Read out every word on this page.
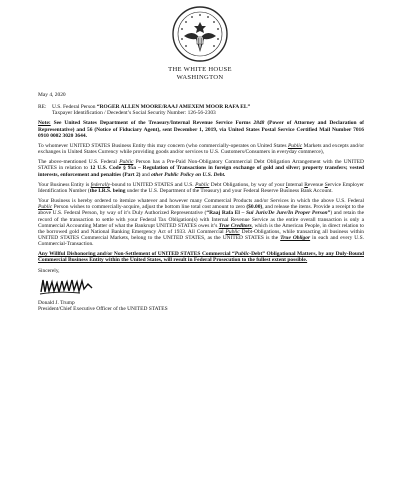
THE WHITE HOUSE
WASHINGTON

May 4, 2020

RE: U.S. Federal Person “ROGER ALLEN MOORE/RAAJ AMEXEM MOOR RAFA EL”
Taxpayer Identification / Decedent’s Social Security Number: 126-56-2303

Note: See United States Department of the Treasury/Internal Revenue Service Forms 2848 (Power of Attorney and Declaration of Representative) and 56 (Notice of Fiduciary Agent), sent December 1, 2019, via United States Postal Service Certified Mail Number 7016 0910 0002 3020 3644.

To whomever UNITED STATES Business Entity this may concern (who commercially-operates on United States Public Markets and excepts and/or exchanges in United States Currency while providing goods and/or services to U.S. Customers/Consumers in everyday commerce),

The above-mentioned U.S. Federal Public Person has a Pre-Paid Non-Obligatory Commercial Debt Obligation Arrangement with the UNITED STATES in relation to 12 U.S. Code § 95a – Regulation of Transactions in foreign exchange of gold and silver; property transfers; vested interests, enforcement and penalties (Part 2) and other Public Policy on U.S. Debt.

Your Business Entity is federally-bound to UNITED STATES and U.S. Public Debt Obligations, by way of your Internal Revenue Service Employer Identification Number (the I.R.S. being under the U.S. Department of the Treasury) and your Federal Reserve Business Bank Account.

Your Business is hereby ordered to itemize whatever and however many Commercial Products and/or Services in which the above U.S. Federal Public Person wishes to commercially-acquire, adjust the bottom line total cost amount to zero ($0.00), and release the items. Provide a receipt to the above U.S. Federal Person, by way of it’s Duly Authorized Representative (“Raaj Rafa El – Sui Juris/De Jure/In Proper Person”) and retain the record of the transaction to settle with your Federal Tax Obligation(s) with Internal Revenue Service as the entire overall transaction is only a Commercial Accounting Matter of what the Bankrupt UNITED STATES owes it’s True Creditors, which is the American People, in direct relation to the borrowed gold and National Banking Emergency Act of 1933. All Commercial Public Debt-Obligations, while transacting all business within UNITED STATES Commercial Markets, belong to the UNITED STATES, as the UNITED STATES is the True Obligor in each and every U.S. Commercial-Transaction.

Any Willful Dishonoring and/or Non-Settlement of UNITED STATES Commercial “Public-Debt” Obligational Matters, by any Duly-Bound Commercial Business Entity within the United States, will result in Federal Prosecution to the fullest extent possible.

Sincerely,

Donald J. Trump

President/Chief Executive Officer of the UNITED STATES
